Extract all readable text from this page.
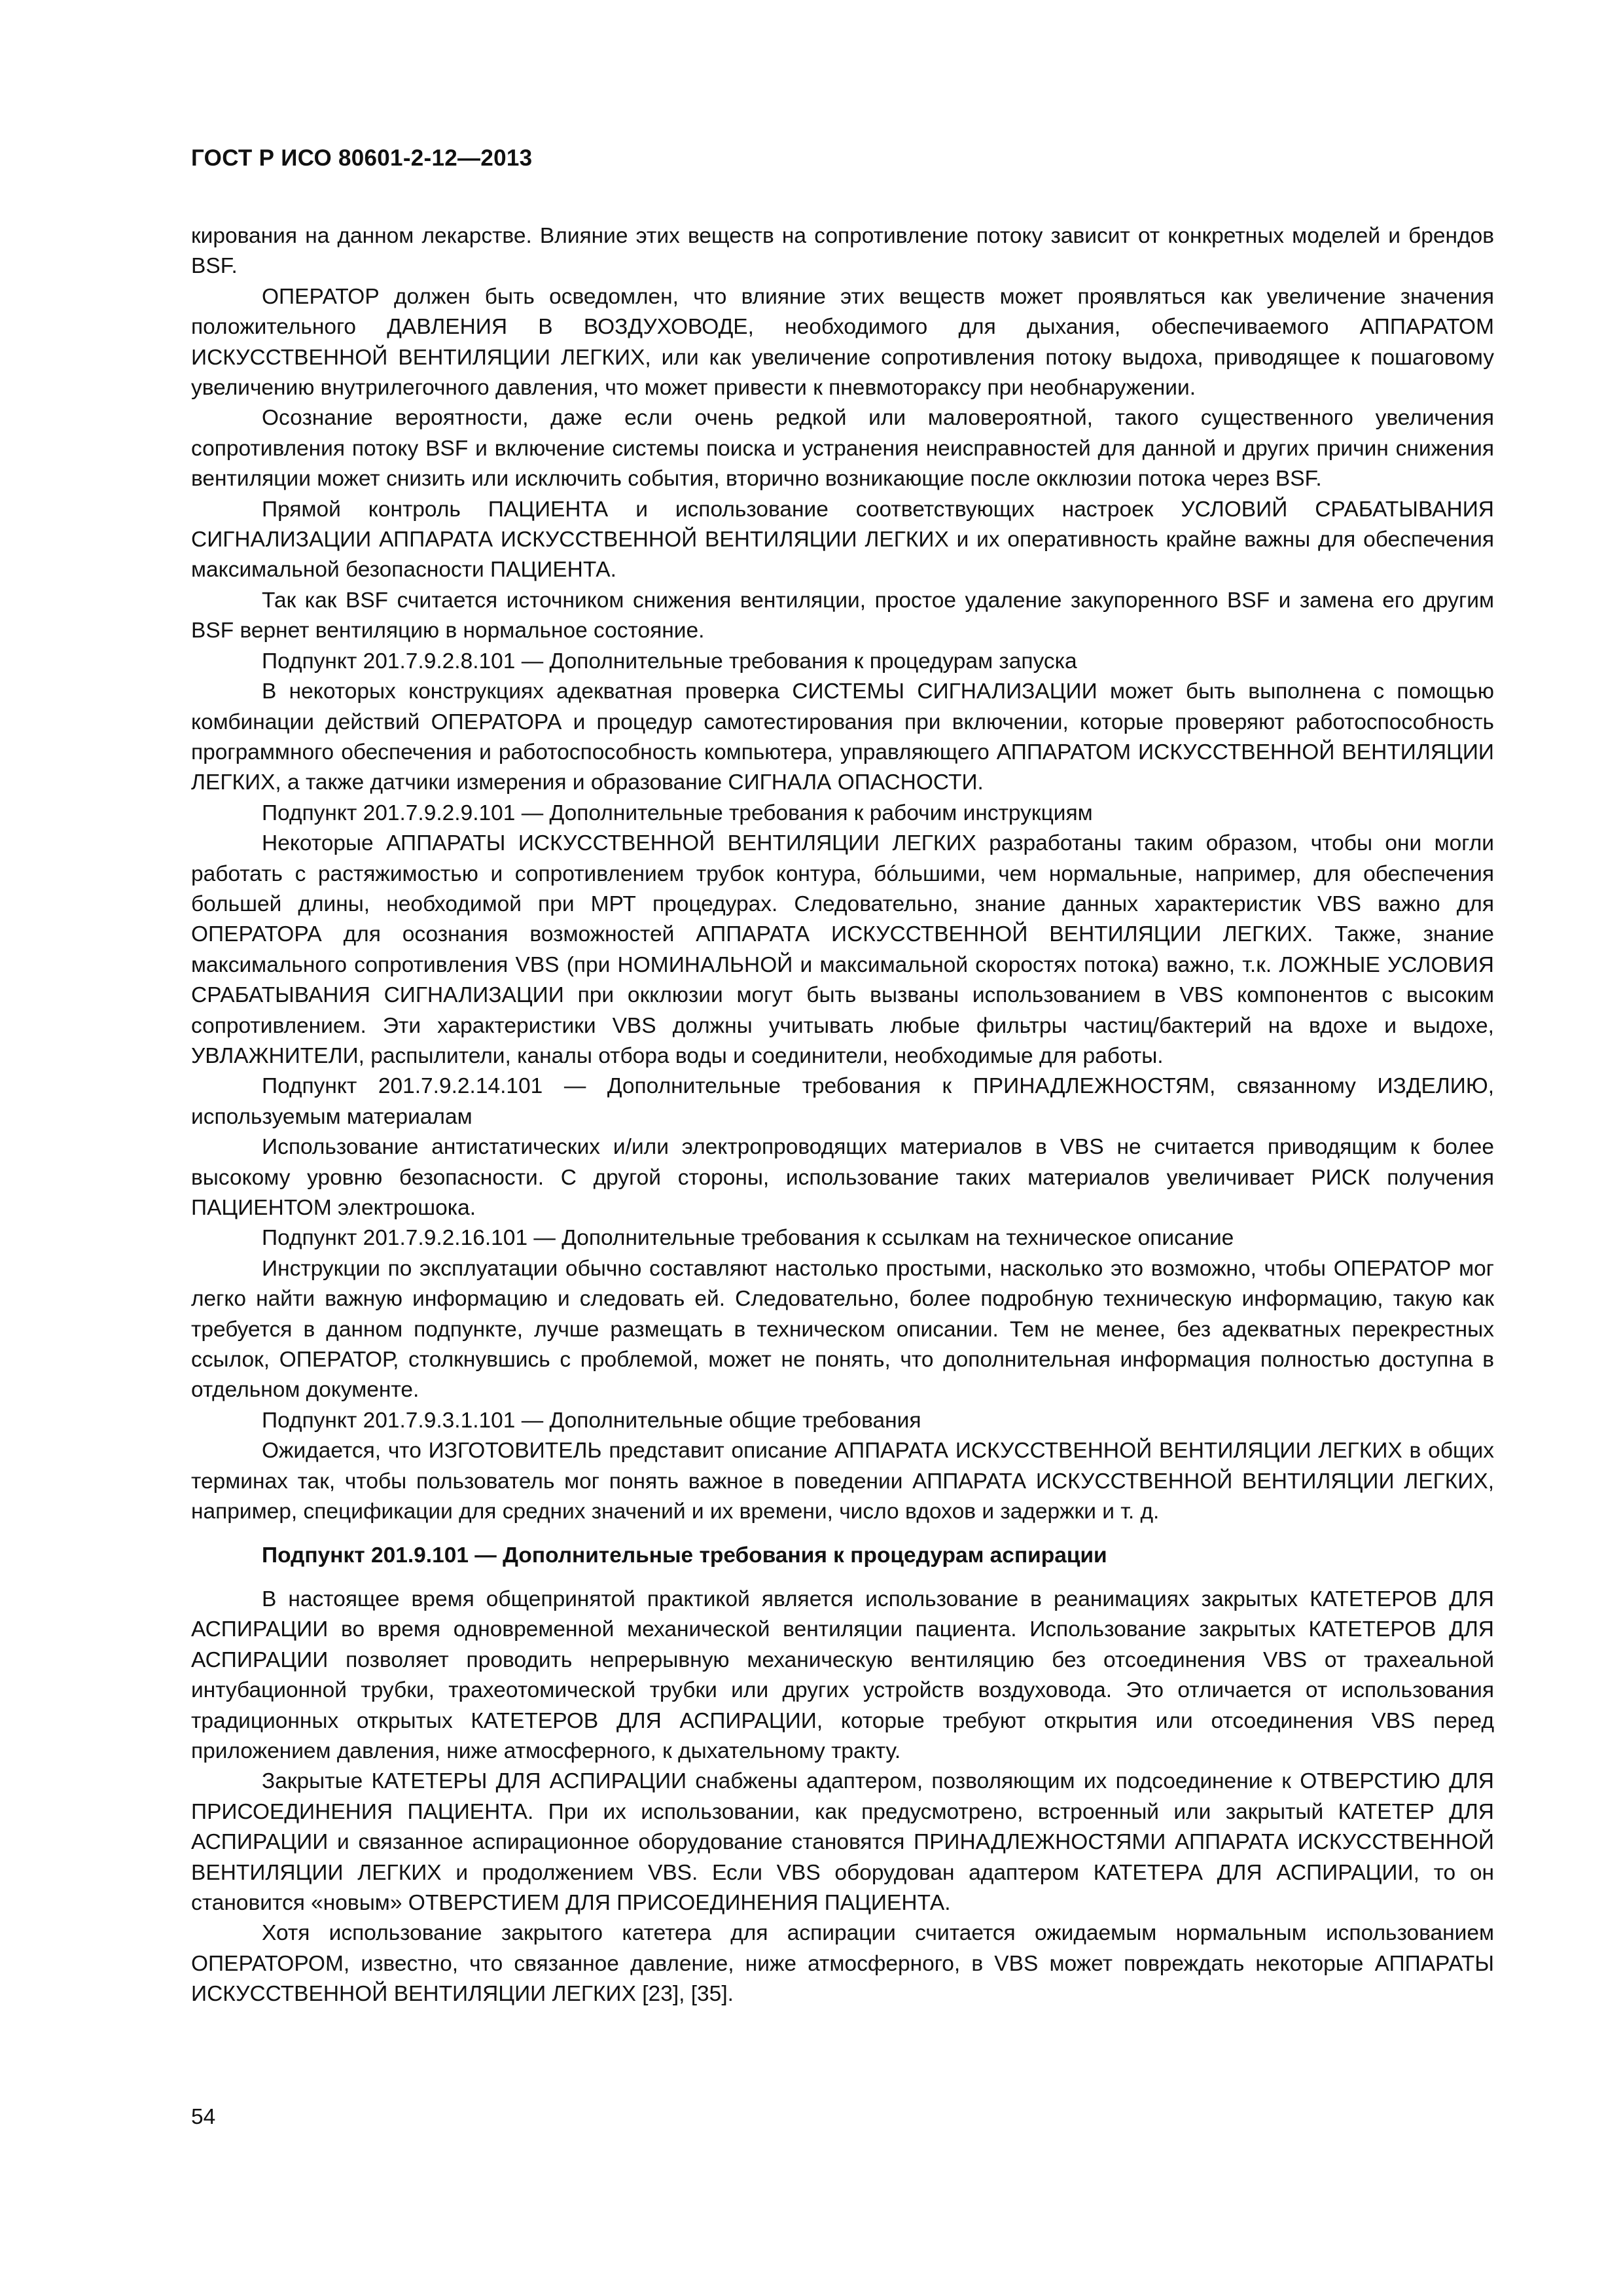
ГОСТ Р ИСО 80601-2-12—2013

кирования на данном лекарстве. Влияние этих веществ на сопротивление потоку зависит от конкретных моделей и брендов BSF.

ОПЕРАТОР должен быть осведомлен, что влияние этих веществ может проявляться как увеличение значения положительного ДАВЛЕНИЯ В ВОЗДУХОВОДЕ, необходимого для дыхания, обеспечиваемого АППАРАТОМ ИСКУССТВЕННОЙ ВЕНТИЛЯЦИИ ЛЕГКИХ, или как увеличение сопротивления потоку выдоха, приводящее к пошаговому увеличению внутрилегочного давления, что может привести к пневмотораксу при необнаружении.

Осознание вероятности, даже если очень редкой или маловероятной, такого существенного увеличения сопротивления потоку BSF и включение системы поиска и устранения неисправностей для данной и других причин снижения вентиляции может снизить или исключить события, вторично возникающие после окклюзии потока через BSF.

Прямой контроль ПАЦИЕНТА и использование соответствующих настроек УСЛОВИЙ СРАБАТЫВАНИЯ СИГНАЛИЗАЦИИ АППАРАТА ИСКУССТВЕННОЙ ВЕНТИЛЯЦИИ ЛЕГКИХ и их оперативность крайне важны для обеспечения максимальной безопасности ПАЦИЕНТА.

Так как BSF считается источником снижения вентиляции, простое удаление закупоренного BSF и замена его другим BSF вернет вентиляцию в нормальное состояние.

Подпункт 201.7.9.2.8.101 — Дополнительные требования к процедурам запуска

В некоторых конструкциях адекватная проверка СИСТЕМЫ СИГНАЛИЗАЦИИ может быть выполнена с помощью комбинации действий ОПЕРАТОРА и процедур самотестирования при включении, которые проверяют работоспособность программного обеспечения и работоспособность компьютера, управляющего АППАРАТОМ ИСКУССТВЕННОЙ ВЕНТИЛЯЦИИ ЛЕГКИХ, а также датчики измерения и образование СИГНАЛА ОПАСНОСТИ.

Подпункт 201.7.9.2.9.101 — Дополнительные требования к рабочим инструкциям

Некоторые АППАРАТЫ ИСКУССТВЕННОЙ ВЕНТИЛЯЦИИ ЛЕГКИХ разработаны таким образом, чтобы они могли работать с растяжимостью и сопротивлением трубок контура, бóльшими, чем нормальные, например, для обеспечения большей длины, необходимой при МРТ процедурах. Следовательно, знание данных характеристик VBS важно для ОПЕРАТОРА для осознания возможностей АППАРАТА ИСКУССТВЕННОЙ ВЕНТИЛЯЦИИ ЛЕГКИХ. Также, знание максимального сопротивления VBS (при НОМИНАЛЬНОЙ и максимальной скоростях потока) важно, т.к. ЛОЖНЫЕ УСЛОВИЯ СРАБАТЫВАНИЯ СИГНАЛИЗАЦИИ при окклюзии могут быть вызваны использованием в VBS компонентов с высоким сопротивлением. Эти характеристики VBS должны учитывать любые фильтры частиц/бактерий на вдохе и выдохе, УВЛАЖНИТЕЛИ, распылители, каналы отбора воды и соединители, необходимые для работы.

Подпункт 201.7.9.2.14.101 — Дополнительные требования к ПРИНАДЛЕЖНОСТЯМ, связанному ИЗДЕЛИЮ, используемым материалам

Использование антистатических и/или электропроводящих материалов в VBS не считается приводящим к более высокому уровню безопасности. С другой стороны, использование таких материалов увеличивает РИСК получения ПАЦИЕНТОМ электрошока.

Подпункт 201.7.9.2.16.101 — Дополнительные требования к ссылкам на техническое описание

Инструкции по эксплуатации обычно составляют настолько простыми, насколько это возможно, чтобы ОПЕРАТОР мог легко найти важную информацию и следовать ей. Следовательно, более подробную техническую информацию, такую как требуется в данном подпункте, лучше размещать в техническом описании. Тем не менее, без адекватных перекрестных ссылок, ОПЕРАТОР, столкнувшись с проблемой, может не понять, что дополнительная информация полностью доступна в отдельном документе.

Подпункт 201.7.9.3.1.101 — Дополнительные общие требования

Ожидается, что ИЗГОТОВИТЕЛЬ представит описание АППАРАТА ИСКУССТВЕННОЙ ВЕНТИЛЯЦИИ ЛЕГКИХ в общих терминах так, чтобы пользователь мог понять важное в поведении АППАРАТА ИСКУССТВЕННОЙ ВЕНТИЛЯЦИИ ЛЕГКИХ, например, спецификации для средних значений и их времени, число вдохов и задержки и т. д.

Подпункт 201.9.101 — Дополнительные требования к процедурам аспирации

В настоящее время общепринятой практикой является использование в реанимациях закрытых КАТЕТЕРОВ ДЛЯ АСПИРАЦИИ во время одновременной механической вентиляции пациента. Использование закрытых КАТЕТЕРОВ ДЛЯ АСПИРАЦИИ позволяет проводить непрерывную механическую вентиляцию без отсоединения VBS от трахеальной интубационной трубки, трахеотомической трубки или других устройств воздуховода. Это отличается от использования традиционных открытых КАТЕТЕРОВ ДЛЯ АСПИРАЦИИ, которые требуют открытия или отсоединения VBS перед приложением давления, ниже атмосферного, к дыхательному тракту.

Закрытые КАТЕТЕРЫ ДЛЯ АСПИРАЦИИ снабжены адаптером, позволяющим их подсоединение к ОТВЕРСТИЮ ДЛЯ ПРИСОЕДИНЕНИЯ ПАЦИЕНТА. При их использовании, как предусмотрено, встроенный или закрытый КАТЕТЕР ДЛЯ АСПИРАЦИИ и связанное аспирационное оборудование становятся ПРИНАДЛЕЖНОСТЯМИ АППАРАТА ИСКУССТВЕННОЙ ВЕНТИЛЯЦИИ ЛЕГКИХ и продолжением VBS. Если VBS оборудован адаптером КАТЕТЕРА ДЛЯ АСПИРАЦИИ, то он становится «новым» ОТВЕРСТИЕМ ДЛЯ ПРИСОЕДИНЕНИЯ ПАЦИЕНТА.

Хотя использование закрытого катетера для аспирации считается ожидаемым нормальным использованием ОПЕРАТОРОМ, известно, что связанное давление, ниже атмосферного, в VBS может повреждать некоторые АППАРАТЫ ИСКУССТВЕННОЙ ВЕНТИЛЯЦИИ ЛЕГКИХ [23], [35].

54
